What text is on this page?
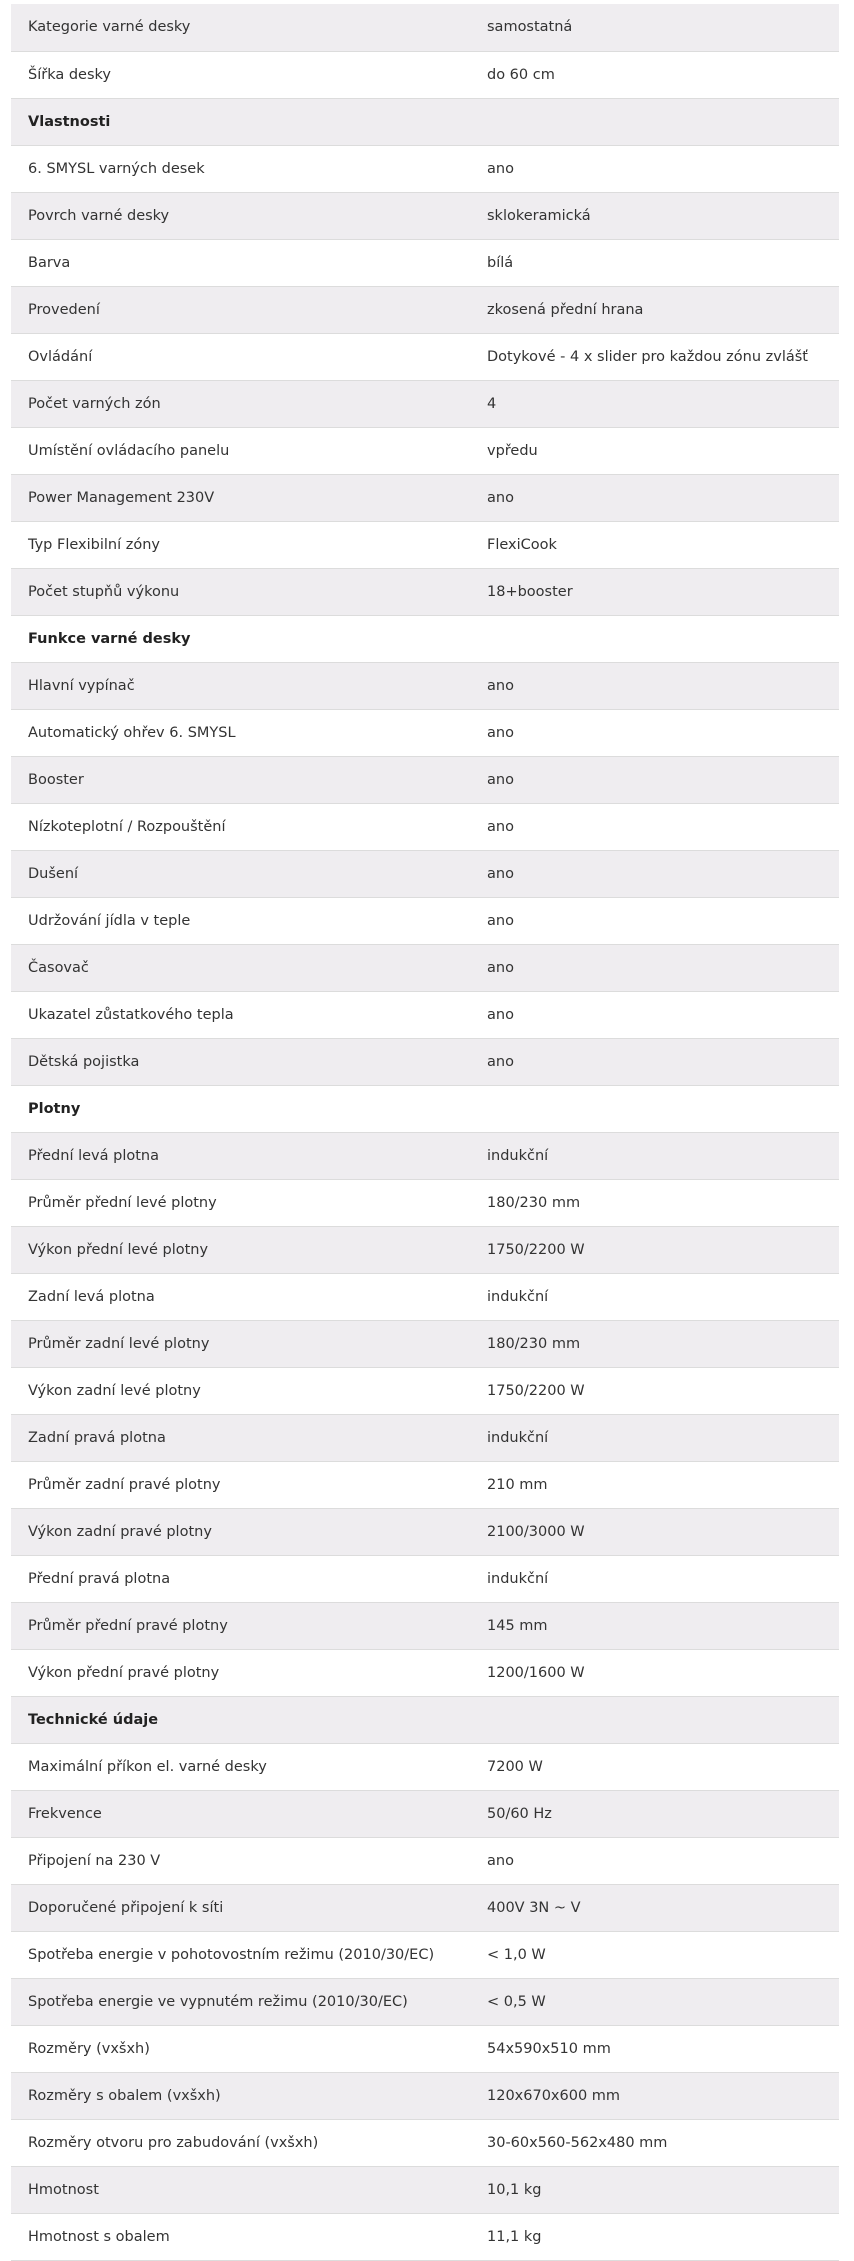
Kategorie varné desky	samostatná
Šířka desky	do 60 cm
Vlastnosti	
6. SMYSL varných desek	ano
Povrch varné desky	sklokeramická
Barva	bílá
Provedení	zkosená přední hrana
Ovládání	Dotykové - 4 x slider pro každou zónu zvlášť
Počet varných zón	4
Umístění ovládacího panelu	vpředu
Power Management 230V	ano
Typ Flexibilní zóny	FlexiCook
Počet stupňů výkonu	18+booster
Funkce varné desky	
Hlavní vypínač	ano
Automatický ohřev 6. SMYSL	ano
Booster	ano
Nízkoteplotní / Rozpouštění	ano
Dušení	ano
Udržování jídla v teple	ano
Časovač	ano
Ukazatel zůstatkového tepla	ano
Dětská pojistka	ano
Plotny	
Přední levá plotna	indukční
Průměr přední levé plotny	180/230 mm
Výkon přední levé plotny	1750/2200 W
Zadní levá plotna	indukční
Průměr zadní levé plotny	180/230 mm
Výkon zadní levé plotny	1750/2200 W
Zadní pravá plotna	indukční
Průměr zadní pravé plotny	210 mm
Výkon zadní pravé plotny	2100/3000 W
Přední pravá plotna	indukční
Průměr přední pravé plotny	145 mm
Výkon přední pravé plotny	1200/1600 W
Technické údaje	
Maximální příkon el. varné desky	7200 W
Frekvence	50/60 Hz
Připojení na 230 V	ano
Doporučené připojení k síti	400V 3N ~ V
Spotřeba energie v pohotovostním režimu (2010/30/EC)	< 1,0 W
Spotřeba energie ve vypnutém režimu (2010/30/EC)	< 0,5 W
Rozměry (vxšxh)	54x590x510 mm
Rozměry s obalem (vxšxh)	120x670x600 mm
Rozměry otvoru pro zabudování (vxšxh)	30-60x560-562x480 mm
Hmotnost	10,1 kg
Hmotnost s obalem	11,1 kg
